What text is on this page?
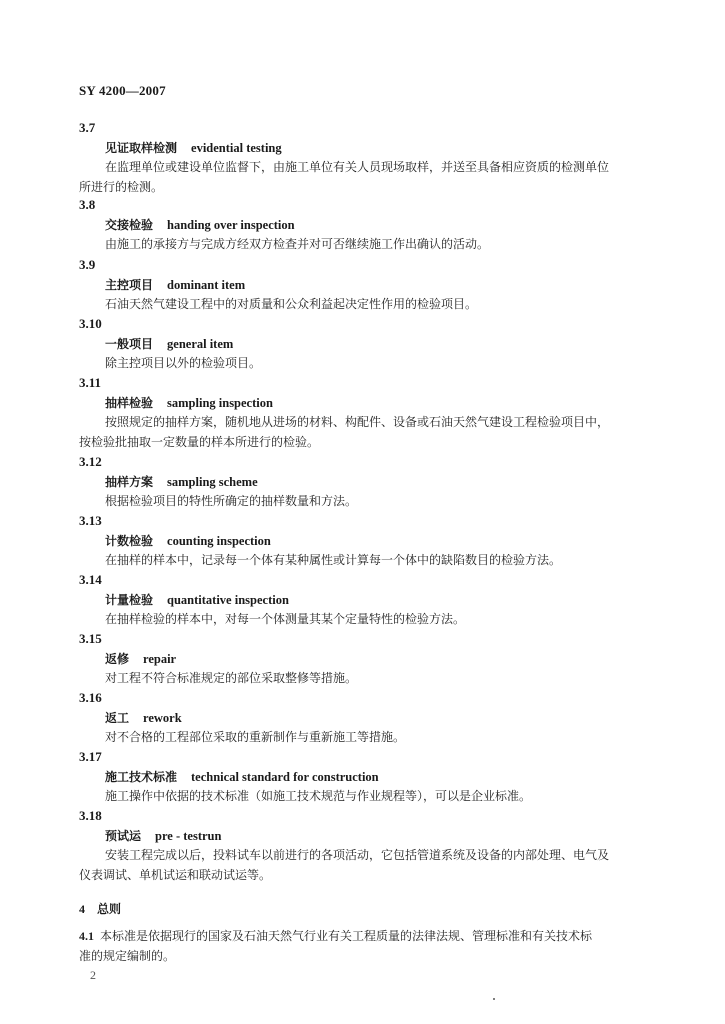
SY 4200—2007
3.7
见证取样检测 evidential testing
在监理单位或建设单位监督下，由施工单位有关人员现场取样，并送至具备相应资质的检测单位
所进行的检测。
3.8
交接检验 handing over inspection
由施工的承接方与完成方经双方检查并对可否继续施工作出确认的活动。
3.9
主控项目 dominant item
石油天然气建设工程中的对质量和公众利益起决定性作用的检验项目。
3.10
一般项目 general item
除主控项目以外的检验项目。
3.11
抽样检验 sampling inspection
按照规定的抽样方案，随机地从进场的材料、构配件、设备或石油天然气建设工程检验项目中，
按检验批抽取一定数量的样本所进行的检验。
3.12
抽样方案 sampling scheme
根据检验项目的特性所确定的抽样数量和方法。
3.13
计数检验 counting inspection
在抽样的样本中，记录每一个体有某种属性或计算每一个体中的缺陷数目的检验方法。
3.14
计量检验 quantitative inspection
在抽样检验的样本中，对每一个体测量其某个定量特性的检验方法。
3.15
返修 repair
对工程不符合标准规定的部位采取整修等措施。
3.16
返工 rework
对不合格的工程部位采取的重新制作与重新施工等措施。
3.17
施工技术标准 technical standard for construction
施工操作中依据的技术标准（如施工技术规范与作业规程等），可以是企业标准。
3.18
预试运 pre - testrun
安装工程完成以后，投料试车以前进行的各项活动，它包括管道系统及设备的内部处理、电气及
仪表调试、单机试运和联动试运等。
4 总则
4.1 本标准是依据现行的国家及石油天然气行业有关工程质量的法律法规、管理标准和有关技术标
准的规定编制的。
2
